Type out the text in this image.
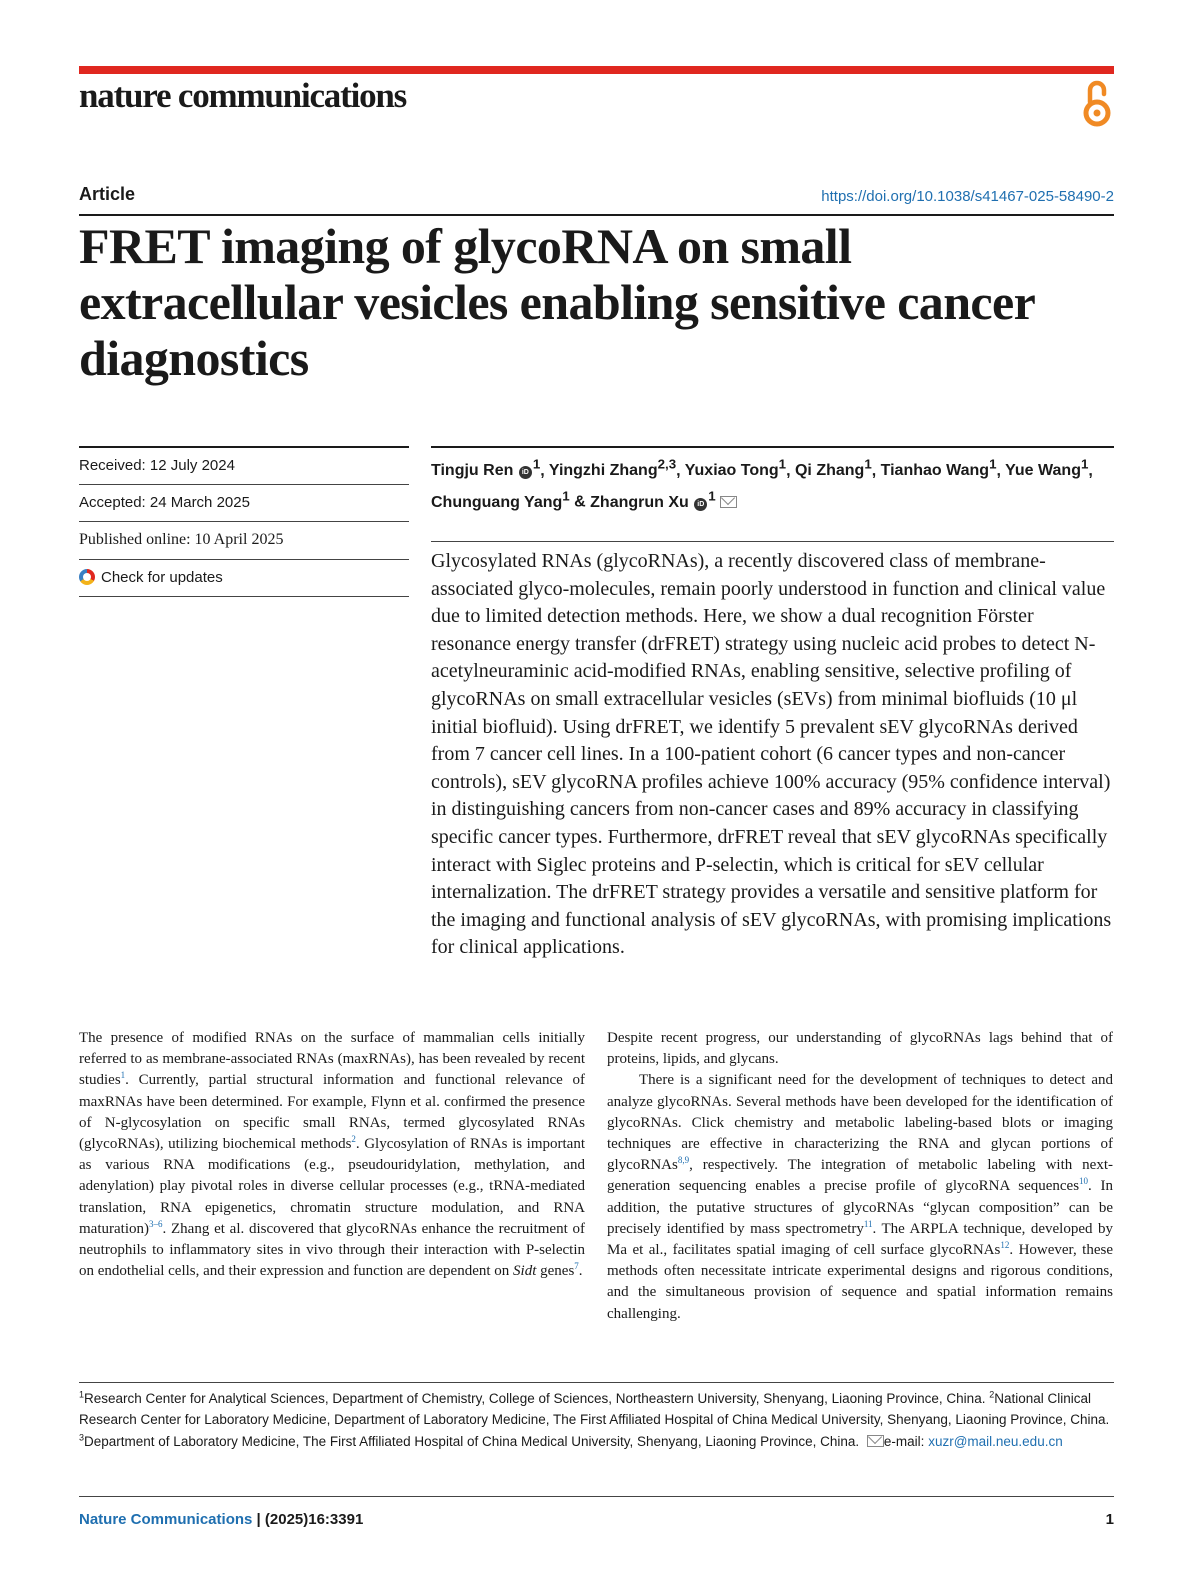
nature communications
Article	https://doi.org/10.1038/s41467-025-58490-2
FRET imaging of glycoRNA on small extracellular vesicles enabling sensitive cancer diagnostics
Received: 12 July 2024
Accepted: 24 March 2025
Published online: 10 April 2025
Check for updates
Tingju Ren $iD^1$, Yingzhi Zhang$^{2,3}$, Yuxiao Tong$^1$, Qi Zhang$^1$, Tianhao Wang$^1$, Yue Wang$^1$, Chunguang Yang$^1$ & Zhangrun Xu $iD^1$

Glycosylated RNAs (glycoRNAs), a recently discovered class of membrane-associated glyco-molecules, remain poorly understood in function and clinical value due to limited detection methods. Here, we show a dual recognition Förster resonance energy transfer (drFRET) strategy using nucleic acid probes to detect N-acetylneuraminic acid-modified RNAs, enabling sensitive, selective profiling of glycoRNAs on small extracellular vesicles (sEVs) from minimal biofluids (10 μl initial biofluid). Using drFRET, we identify 5 prevalent sEV glycoRNAs derived from 7 cancer cell lines. In a 100-patient cohort (6 cancer types and non-cancer controls), sEV glycoRNA profiles achieve 100% accuracy (95% confidence interval) in distinguishing cancers from non-cancer cases and 89% accuracy in classifying specific cancer types. Furthermore, drFRET reveal that sEV glycoRNAs specifically interact with Siglec proteins and P-selectin, which is critical for sEV cellular internalization. The drFRET strategy provides a versatile and sensitive platform for the imaging and functional analysis of sEV glycoRNAs, with promising implications for clinical applications.

The presence of modified RNAs on the surface of mammalian cells initially referred to as membrane-associated RNAs (maxRNAs), has been revealed by recent studies$^1$. Currently, partial structural information and functional relevance of maxRNAs have been determined. For example, Flynn et al. confirmed the presence of N-glycosylation on specific small RNAs, termed glycosylated RNAs (glycoRNAs), utilizing biochemical methods$^2$. Glycosylation of RNAs is important as various RNA modifications (e.g., pseudouridylation, methylation, and adenylation) play pivotal roles in diverse cellular processes (e.g., tRNA-mediated translation, RNA epigenetics, chromatin structure modulation, and RNA maturation)$^{3-6}$. Zhang et al. discovered that glycoRNAs enhance the recruitment of neutrophils to inflammatory sites in vivo through their interaction with P-selectin on endothelial cells, and their expression and function are dependent on Sidt genes$^7$.

Despite recent progress, our understanding of glycoRNAs lags behind that of proteins, lipids, and glycans.

There is a significant need for the development of techniques to detect and analyze glycoRNAs. Several methods have been developed for the identification of glycoRNAs. Click chemistry and metabolic labeling-based blots or imaging techniques are effective in characterizing the RNA and glycan portions of glycoRNAs$^{8,9}$, respectively. The integration of metabolic labeling with next-generation sequencing enables a precise profile of glycoRNA sequences$^{10}$. In addition, the putative structures of glycoRNAs “glycan composition” can be precisely identified by mass spectrometry$^{11}$. The ARPLA technique, developed by Ma et al., facilitates spatial imaging of cell surface glycoRNAs$^{12}$. However, these methods often necessitate intricate experimental designs and rigorous conditions, and the simultaneous provision of sequence and spatial information remains challenging.

$^1$Research Center for Analytical Sciences, Department of Chemistry, College of Sciences, Northeastern University, Shenyang, Liaoning Province, China. $^2$National Clinical Research Center for Laboratory Medicine, Department of Laboratory Medicine, The First Affiliated Hospital of China Medical University, Shenyang, Liaoning Province, China. $^3$Department of Laboratory Medicine, The First Affiliated Hospital of China Medical University, Shenyang, Liaoning Province, China. e-mail: xuzr@mail.neu.edu.cn
Nature Communications | (2025)16:3391	1
